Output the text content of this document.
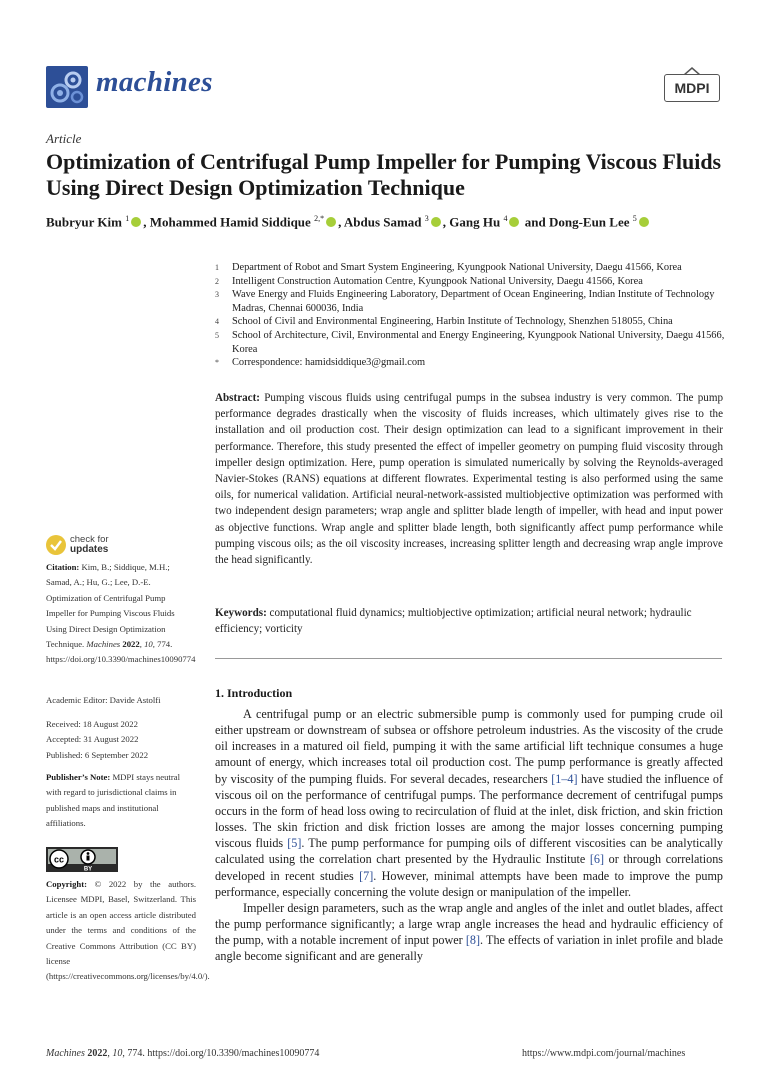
machines	MDPI
Article
Optimization of Centrifugal Pump Impeller for Pumping Viscous Fluids Using Direct Design Optimization Technique
Bubryur Kim $^1$ , Mohammed Hamid Siddique $^{2,*}$ , Abdus Samad $^3$ , Gang Hu $^4$ and Dong-Eun Lee $^5$
1	Department of Robot and Smart System Engineering, Kyungpook National University, Daegu 41566, Korea
2	Intelligent Construction Automation Centre, Kyungpook National University, Daegu 41566, Korea
3	Wave Energy and Fluids Engineering Laboratory, Department of Ocean Engineering, Indian Institute of Technology Madras, Chennai 600036, India
4	School of Civil and Environmental Engineering, Harbin Institute of Technology, Shenzhen 518055, China
5	School of Architecture, Civil, Environmental and Energy Engineering, Kyungpook National University, Daegu 41566, Korea
*	Correspondence: hamidsiddique3@gmail.com
Abstract: Pumping viscous fluids using centrifugal pumps in the subsea industry is very common. The pump performance degrades drastically when the viscosity of fluids increases, which ultimately gives rise to the installation and oil production cost. Their design optimization can lead to a significant improvement in their performance. Therefore, this study presented the effect of impeller geometry on pumping fluid viscosity through impeller design optimization. Here, pump operation is simulated numerically by solving the Reynolds-averaged Navier-Stokes (RANS) equations at different flowrates. Experimental testing is also performed using the same oils, for numerical validation. Artificial neural-network-assisted multiobjective optimization was performed with two independent design parameters; wrap angle and splitter blade length of impeller, with head and input power as objective functions. Wrap angle and splitter blade length, both significantly affect pump performance while pumping viscous oils; as the oil viscosity increases, increasing splitter length and decreasing wrap angle improve the head significantly.
Keywords: computational fluid dynamics; multiobjective optimization; artificial neural network; hydraulic efficiency; vorticity
1. Introduction

A centrifugal pump or an electric submersible pump is commonly used for pumping crude oil either upstream or downstream of subsea or offshore petroleum industries. As the viscosity of the crude oil increases in a matured oil field, pumping it with the same artificial lift technique consumes a huge amount of energy, which increases total oil production cost. The pump performance is greatly affected by viscosity of the pumping fluids. For several decades, researchers [1–4] have studied the influence of viscous oil on the performance of centrifugal pumps. The performance decrement of centrifugal pumps occurs in the form of head loss owing to recirculation of fluid at the inlet, disk friction, and skin friction losses. The skin friction and disk friction losses are among the major losses concerning pumping viscous fluids [5]. The pump performance for pumping oils of different viscosities can be analytically calculated using the correlation chart presented by the Hydraulic Institute [6] or through correlations developed in recent studies [7]. However, minimal attempts have been made to improve the pump performance, especially concerning the volute design or manipulation of the impeller.

Impeller design parameters, such as the wrap angle and angles of the inlet and outlet blades, affect the pump performance significantly; a large wrap angle increases the head and hydraulic efficiency of the pump, with a notable increment of input power [8]. The effects of variation in inlet profile and blade angle become significant and are generally

check for
updates
Citation: Kim, B.; Siddique, M.H.; Samad, A.; Hu, G.; Lee, D.-E. Optimization of Centrifugal Pump Impeller for Pumping Viscous Fluids Using Direct Design Optimization Technique. Machines 2022, 10, 774. https://doi.org/10.3390/machines10090774
Academic Editor: Davide Astolfi
Received: 18 August 2022
Accepted: 31 August 2022
Published: 6 September 2022
Publisher’s Note: MDPI stays neutral with regard to jurisdictional claims in published maps and institutional affiliations.
cc
BY
Copyright: © 2022 by the authors. Licensee MDPI, Basel, Switzerland. This article is an open access article distributed under the terms and conditions of the Creative Commons Attribution (CC BY) license (https://creativecommons.org/licenses/by/4.0/).
Machines 2022, 10, 774. https://doi.org/10.3390/machines10090774	https://www.mdpi.com/journal/machines
